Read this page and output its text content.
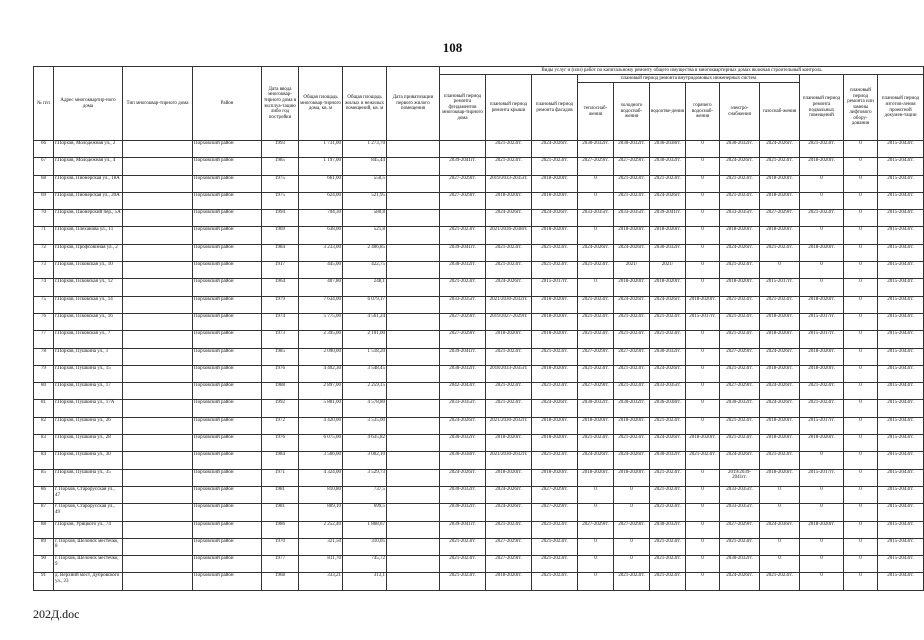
108
№ п/п	Адрес многоквартир-ного дома	Тип многоквар-тирного дома	Район	Дата ввода многоквар-тирного дома в эксплуа-тацию либо год постройки	Общая площадь многоквар-тирного дома, кв. м	Общая площадь жилых и нежилых помещений, кв. м	Дата приватизации первого жилого помещения	Виды услуг и (или) работ по капитальному ремонту общего имущества в многоквартирных домах включая строительный контроль											
								плановый период ремонта фундаментов многоквар-тирного дома	плановый период ремонта крыши	плановый период ремонта фасадов	плановый период ремонта внутридомовых инженерных систем						плановый период ремонта подвальных помещений	плановый период ремонта или замены лифтового обору-дования	плановый период изготов-ления проектной докумен-тации
											теплоснаб-жения	холодного водоснаб-жения	водоотве-дения	горячего водоснаб-жения	электро-снабжения	газоснаб-жения			
66	г.Порхов, Молодежная ул., 2		Порховский район	1993	1 731,00	1 273,70			2021-2023гг.	2024-2026гг.	2030-2032гг.	2030-2032гг.	2036-2038гг.	0	2030-2032гг.	2024-2026гг.	2021-2023гг.	0	2015-2043гг.
67	г.Порхов, Молодежная ул., 4		Порховский район	1985	1 197,00	845,44		2039-2041гг.	2021-2023гг.	2021-2023гг.	2027-2029гг.	2027-2029гг.	2030-2032гг.	0	2024-2026гг.	2021-2023гг.	2018-2020гг.	0	2015-2043гг.
68	г.Порхов, Пионерская ул., 18А		Порховский район	1975	661,00	550,5		2027-2029гг.	2019/2033-2035гг.	2018-2020гг.	0	2021-2023гг.	2021-2023гг.	0	2021-2023гг.	2018-2020гг.	0	0	2015-2043гг.
69	г.Порхов, Пионерская ул., 20А		Порховский район	1975	624,00	521,95		2027-2029гг.	2018-2020гг.	2018-2020гг.	0	2021-2023гг.	2024-2026гг.	0	2021-2023гг.	2018-2020гг.	0	0	2015-2043гг.
70	г.Порхов, Пионерский пер., 5А		Порховский район	1994	704,30	580,8			2024-2026гг.	2024-2026гг.	2033-2035гг.	2033-2035гг.	2039-2041гг.	0	2033-2035гг.	2027-2029гг.	2021-2023гг.	0	2015-2043гг.
71	г.Порхов, Плеханова ул., 11		Порховский район	1969	638,00	521,8		2021-2023гг.	2021/2036-2038гг.	2018-2020гг.	0	2018-2020гг.	2018-2020гг.	0	2018-2020гг.	2018-2020гг.	0	0	2015-2043гг.
72	г.Порхов, Профсоюзная ул., 2		Порховский район	1984	3 233,00	2 406,85		2039-2041гг.	2021-2023гг.	2021-2023гг.	2024-2026гг.	2024-2026гг.	2030-2032гг.	0	2024-2026гг.	2021-2023гг.	2018-2020гг.	0	2015-2043гг.
73	г.Порхов, Псковская ул., 10		Порховский район	1917	445,00	422,75		2030-2032гг.	2021-2023гг.	2021-2023гг.	2021-2023гг.	2021/	2021/	0	2021-2023гг.	0	0	0	2015-2043гг.
74	г.Порхов, Псковская ул., 12		Порховский район	1964	407,80	248,1		2021-2023гг.	2024-2026гг.	2015-2017гг.	0	2018-2020гг.	2018-2020гг.	0	2018-2020гг.	2015-2017гг.	0	0	2015-2043гг.
75	г.Порхов, Псковская ул., 14		Порховский район	1979	7 634,00	6 079,17		2033-2035гг.	2021/2030-2032гг.	2018-2020гг.	2021-2023гг.	2024-2026гг.	2024-2026гг.	2018-2020гг.	2021-2023гг.	2021-2023гг.	2018-2020гг.	0	2015-2043гг.
76	г.Порхов, Псковская ул., 16		Порховский район	1974	5 775,00	4 561,24		2027-2029гг.	2019/2027-2029гг.	2018-2020гг.	2021-2023гг.	2021-2023гг.	2021-2023гг.	2015-2017гг.	2021-2023гг.	2018-2020гг.	2015-2017гг.	0	2015-2043гг.
77	г.Порхов, Псковская ул., 7		Порховский район	1973	2 395,00	2 101,00		2027-2029гг.	2018-2020гг.	2018-2020гг.	2021-2023гг.	2021-2023гг.	2021-2023гг.	0	2021-2023гг.	2018-2020гг.	2015-2017гг.	0	2015-2043гг.
78	г.Порхов, Пушкина ул., 1		Порховский район	1985	2 090,00	1 518,20		2039-2041гг.	2021-2023гг.	2021-2023гг.	2027-2029гг.	2027-2029гг.	2030-2032гг.	0	2027-2029гг.	2024-2026гг.	2018-2020гг.	0	2015-2043гг.
79	г.Порхов, Пушкина ул., 15		Порховский район	1976	4 402,30	3 548,45		2030-2032гг.	2018/2033-2035гг.	2018-2020гг.	2021-2023гг.	2021-2023гг.	2024-2026гг.	0	2021-2023гг.	2018-2020гг.	2018-2020гг.	0	2015-2043гг.
80	г.Порхов, Пушкина ул., 17		Порховский район	1988	2 897,00	2 259,15		2042-2043гг.	2021-2023гг.	2021-2023гг.	2027-2029гг.	2021-2023гг.	2033-2035гг.	0	2027-2029гг.	2024-2026гг.	2021-2023гг.	0	2015-2043гг.
81	г.Порхов, Пушкина ул., 17А		Порховский район	1992	5 881,00	4 578,80		2033-2035гг.	2021-2023гг.	2024-2026гг.	2030-2032гг.	2030-2032гг.	2036-2038гг.	0	2030-2032гг.	2024-2026гг.	2021-2023гг.	0	2015-2043гг.
82	г.Порхов, Пушкина ул., 26		Порховский район	1972	4 420,00	3 535,00		2024-2026гг.	2021/2030-2032гг.	2018-2020гг.	2018-2020гг.	2018-2020гг.	2021-2023гг.	0	2021-2023гг.	2018-2020гг.	2015-2017гг.	0	2015-2043гг.
83	г.Порхов, Пушкина ул., 28		Порховский район	1976	6 075,00	4 635,82		2030-2032гг.	2018-2020гг.	2018-2020гг.	2021-2023гг.	2021-2023гг.	2024-2026гг.	2018-2020гг.	2021-2023гг.	2018-2020гг.	2018-2020гг.	0	2015-2043гг.
84	г.Порхов, Пушкина ул., 30		Порховский район	1984	3 566,00	3 002,10		2036-2038гг.	2021/2030-2032гг.	2021-2023гг.	2024-2026гг.	2024-2026гг.	2030-2032гг.	2021-2023гг.	2024-2026гг.	2021-2023гг.	0	0	2015-2043гг.
85	г.Порхов, Пушкина ул., 35		Порховский район	1971	4 324,00	3 529,73		2024-2026гг.	2018-2020гг.	2018-2020гг.	2018-2020гг.	2018-2020гг.	2021-2023гг.	0	2019/2039-2041гг.	2018-2020гг.	2015-2017гг.	0	2015-2043гг.
86	г. Порхов, Старорусская ул., 47		Порховский район	1981	810,80	737,5		2030-2032гг.	2024-2026гг.	2027-2029гг.	0	0	2021-2023гг.	0	2033-2035гг.	0	0	0	2015-2043гг.
87	г. Порхов, Старорусская ул., 49		Порховский район	1981	809,10	699,5		2030-2032гг.	2024-2026гг.	2027-2029гг.	0	0	2021-2023гг.	0	2033-2035гг.	0	0	0	2015-2043гг.
88	г.Порхов, Урицкого ул., 74		Порховский район	1986	2 252,40	1 868,67		2039-2041гг.	2021-2023гг.	2021-2023гг.	2027-2029гг.	2027-2029гг.	2030-2032гг.	0	2027-2029гг.	2024-2036гг.	2018-2020гг.	0	2015-2043гг.
89	г. Порхов, Шелонск местечко, 8		Порховский район	1970	321,50	310,05		2021-2023гг.	2027-2029гг.	2021-2023гг.	0	0	2021-2023гг.	0	2021-2023гг.	0	0	0	2015-2043гг.
90	г. Порхов, Шелонск местечко, 9		Порховский район	1977	811,70	745,72		2021-2023гг.	2027-2029гг.	2021-2023гг.	0	0	2021-2023гг.	0	2030-2032гг.	0	0	0	2015-2043гг.
91	д. Верхний мост, Дубровского ул., 23		Порховский район	1968	333,21	313,1		2021-2023гг.	2018-2020гг.	2021-2023гг.	0	2021-2023гг.	2021-2023гг.	0	2024-2026гг.	2021-2023гг.	0	0	2015-2043гг.
202Д.doc
